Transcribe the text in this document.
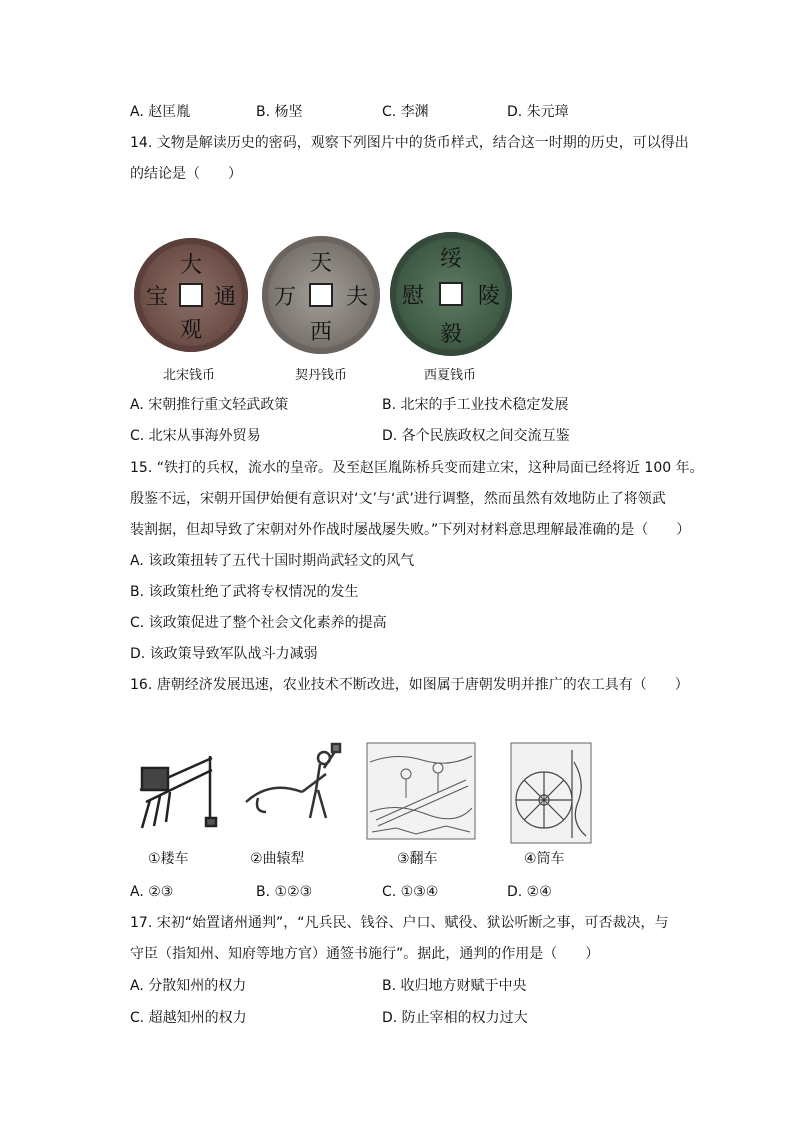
A. 赵匡胤	B. 杨坚	C. 李渊	D. 朱元璋
14. 文物是解读历史的密码，观察下列图片中的货币样式，结合这一时期的历史，可以得出
的结论是（　　）
大
观
宝 通
天
西
万 夫
绥
毅
慰 陵
北宋钱币	契丹钱币	西夏钱币
A. 宋朝推行重文轻武政策	B. 北宋的手工业技术稳定发展
C. 北宋从事海外贸易	D. 各个民族政权之间交流互鉴
15. “铁打的兵权，流水的皇帝。及至赵匡胤陈桥兵变而建立宋，这种局面已经将近 100 年。
殷鉴不远，宋朝开国伊始便有意识对‘文’与‘武’进行调整，然而虽然有效地防止了将领武
装割据，但却导致了宋朝对外作战时屡战屡失败。”下列对材料意思理解最准确的是（　　）
A. 该政策扭转了五代十国时期尚武轻文的风气
B. 该政策杜绝了武将专权情况的发生
C. 该政策促进了整个社会文化素养的提高
D. 该政策导致军队战斗力减弱
16. 唐朝经济发展迅速，农业技术不断改进，如图属于唐朝发明并推广的农工具有（　　）
①耧车	②曲辕犁	③翻车	④筒车
A. ②③	B. ①②③	C. ①③④	D. ②④
17. 宋初“始置诸州通判”，“凡兵民、钱谷、户口、赋役、狱讼听断之事，可否裁决，与
守臣（指知州、知府等地方官）通签书施行”。据此，通判的作用是（　　）
A. 分散知州的权力	B. 收归地方财赋于中央
C. 超越知州的权力	D. 防止宰相的权力过大
